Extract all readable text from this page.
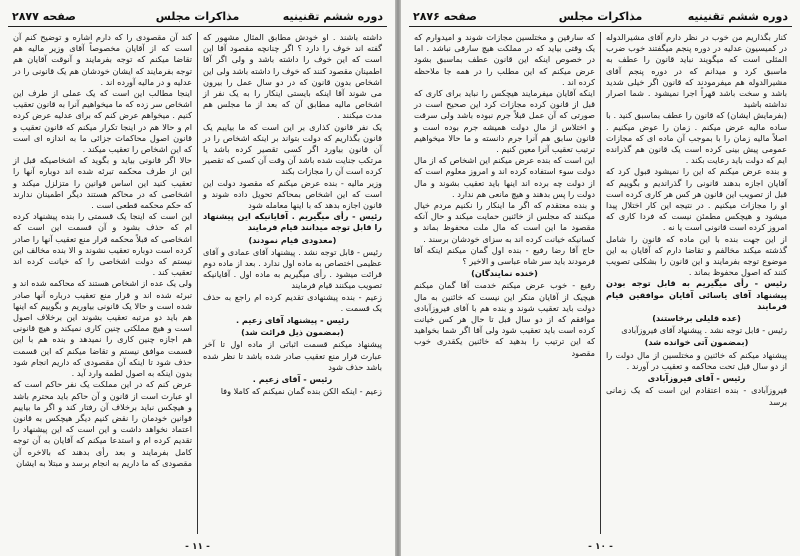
دوره ششم تقنینیه
مذاکرات مجلس
صفحه ۲۸۷۷

داشته باشند . او خودش مطابق المثال مشهور که گفته اند خوف را دارد ؟ اگر چنانچه مقصود آقا این است که این خوف را داشته باشد و ولی اگر آقا اطمینان مقصود کنند که خوف را داشته باشد ولی این اشخاص بدون قانون که در دو سال عمل را بیرون می شوند آقا اینکه بایستی اینکار را به یک نفر از اشخاص مالیه مطابق آن که بعد از ما مجلس هم مدت میکنند .

یک نفر قانون کذاری بر این است که ما بیاییم یک قانون بگذاریم که دولت بتواند بر اینکه اشخاص را در آن قانون بیاورد اگر کسی تقصیر کرده باشد یا مرتکب جنایت شده باشد آن وقت آن کسی که تقصیر کرده است آن را مجازات بکند

وزیر مالیه - بنده عرض میکنم که مقصود دولت این است که این اشخاص بمحاکم تحویل داده شوند و قانون اجازه بدهد که با اینها معامله شود

رئیس - رأی میگیریم . آقایانیکه این پیشنهاد را قابل توجه میدانند قیام فرمایند

(معدودی قیام نمودند)

رئیس - قابل توجه نشد . پیشنهاد آقای عمادی و آقای عظیمی اختصاص به ماده اول ندارد . بعد از ماده دوم قرائت میشود . رأی میگیریم به ماده اول . آقایانیکه تصویب میکنند قیام فرمایند

زعیم - بنده پیشنهادی تقدیم کرده ام راجع به حذف یک قسمت .

رئیس - پیشنهاد آقای زعیم .
(بمضمون ذیل قرائت شد)

پیشنهاد میکنم قسمت اثباتی از ماده اول تا آخر عبارت قرار منع تعقیب صادر شده باشد تا نظر شده باشد حذف شود

رئیس - آقای زعیم .

زعیم - اینکه الکن بنده گمان نمیکنم که کاملا وفا

کند آن مقصودی را که دارم اشاره و توضیح کنم آن است که از آقایان مخصوصاً آقای وزیر مالیه هم تقاضا میکنم که توجه بفرمایند و آنوقت آقایان هم توجه بفرمایند که ایشان خودشان هم یک قانونی را در عدلیه و در مالیه آورده اند .

اینجا مطالب این است که یک عملی از طرف این اشخاص سر زده که ما میخواهیم آنرا به قانون تعقیب کنیم . میخواهم عرض کنم که برای عدلیه عرض کرده ام و حالا هم در اینجا تکرار میکنم که قانون تعقیب و قانون اصول محاکمات جزائی ما به اندازه ای است که این اشخاص را تعقیب میکند .

حالا اگر قانونی بیاید و بگوید که اشخاصیکه قبل از این از طرف محکمه تبرئه شده اند دوباره آنها را تعقیب کنید این اساس قوانین را متزلزل میکند و اشخاصی که در محاکم هستند دیگر اطمینان ندارند که حکم محکمه قطعی است .

این است که اینجا یک قسمتی را بنده پیشنهاد کرده ام که حذف بشود و آن قسمت این است که اشخاصی که قبلاً محکمه قرار منع تعقیب آنها را صادر کرده است دوباره تعقیب نشوند و الا بنده مخالف این نیستم که دولت اشخاصی را که خیانت کرده اند تعقیب کند .

ولی یک عده از اشخاص هستند که محاکمه شده اند و تبرئه شده اند و قرار منع تعقیب درباره آنها صادر شده است و حالا یک قانونی بیاوریم و بگوییم که اینها هم باید دو مرتبه تعقیب بشوند این برخلاف اصول است و هیچ مملکتی چنین کاری نمیکند و هیچ قانونی هم اجازه چنین کاری را نمیدهد و بنده هم با این قسمت موافق نیستم و تقاضا میکنم که این قسمت حذف شود تا اینکه آن مقصودی که داریم انجام شود بدون اینکه به اصول لطمه وارد آید .

عرض کنم که در این مملکت یک نفر حاکم است که او عبارت است از قانون و آن حاکم باید محترم باشد و هیچکس نباید برخلاف آن رفتار کند و اگر ما بیاییم قوانین خودمان را نقض کنیم دیگر هیچکس به قانون اعتماد نخواهد داشت و این است که این پیشنهاد را تقدیم کرده ام و استدعا میکنم که آقایان به آن توجه کامل بفرمایند و بعد رأی بدهند که بالاخره آن مقصودی که ما داریم به انجام برسد و مبتلا به ایشان

- ۱۱ -
دوره ششم تقنینیه
مذاکرات مجلس
صفحه ۲۸۷۶

کنار بگذاریم من خوب در نظر دارم آقای مشیرالدوله در کمیسیون عدلیه در دوره پنجم میگفتند خوب ضرب المثلی است که میگویند نباید قانون را عطف به ماسبق کرد و میدانم که در دوره پنجم آقای مشیرالدوله هم میفرمودند که قانون اگر خیلی شدید باشد و سخت باشد قهراً اجرا نمیشود . شما اصرار نداشته باشید

(بفرمایش ایشان) که قانون را عطف بماسبق کنید . با ساده مالیه عرض میکنم . زمان را عوض میکنیم . اصلاً مالیه زمان را با بموجب آن ماده ای که مجازات عمومی پیش بینی کرده است یک قانون هم گذرانده ایم که دولت باید رعایت بکند .

و بنده عرض میکنم که این را نمیشود قبول کرد که آقایان اجازه بدهند قانونی را گذراندیم و بگوییم که قبل از تصویب این قانون هر کس هر کاری کرده است او را مجازات میکنیم . در نتیجه این کار اختلال پیدا میشود و هیچکس مطمئن نیست که فردا کاری که امروز کرده است قانونی است یا نه .

از این جهت بنده با این ماده که قانون را شامل گذشته میکند مخالفم و تقاضا دارم که آقایان به این موضوع توجه بفرمایند و این قانون را بشکلی تصویب کنند که اصول محفوظ بماند .

رئیس - رأی میگیریم به قابل توجه بودن پیشنهاد آقای یاسائی آقایان موافقین قیام فرمایند

(عده قلیلی برخاستند)

رئیس - قابل توجه نشد . پیشنهاد آقای فیروزآبادی

(بمضمون آتی خوانده شد)

پیشنهاد میکنم که خائنین و مختلسین از مال دولت را از دو سال قبل تحت محاکمه و تعقیب در آورند .

رئیس - آقای فیروزآبادی

فیروزآبادی - بنده اعتقادم این است که یک زمانی برسد

که سارقین و مختلسین مجازات شوند و امیدوارم که یک وقتی بیاید که در مملکت هیچ سارقی نباشد . اما در خصوص اینکه این قانون عطف بماسبق بشود عرض میکنم که این مطلب را در همه جا ملاحظه کرده اند .

اینکه آقایان میفرمایند هیچکس را نباید برای کاری که قبل از قانون کرده مجازات کرد این صحیح است در صورتی که آن عمل قبلاً جرم نبوده باشد ولی سرقت و اختلاس از مال دولت همیشه جرم بوده است و قانون سابق هم آنرا جرم دانسته و ما حالا میخواهیم ترتیب تعقیب آنرا معین کنیم .

این است که بنده عرض میکنم این اشخاص که از مال دولت سوء استفاده کرده اند و امروز معلوم است که از دولت چه برده اند اینها باید تعقیب بشوند و مال دولت را پس بدهند و هیچ مانعی هم ندارد .

و بنده معتقدم که اگر ما اینکار را نکنیم مردم خیال میکنند که مجلس از خائنین حمایت میکند و حال آنکه مقصود ما این است که مال ملت محفوظ بماند و کسانیکه خیانت کرده اند به سزای خودشان برسند .

حاج آقا رضا رفیع - بنده اول گمان میکنم اینکه آقا فرمودند باید سر شاه عباسی و الاخیر ؟

(خنده نمایندگان)

رفیع - خوب عرض میکنم خدمت آقا گمان میکنم هیچیک از آقایان منکر این نیست که خائنین به مال دولت باید تعقیب شوند و بنده هم با آقای فیروزآبادی موافقم که از دو سال قبل تا حال هر کس خیانت کرده است باید تعقیب شود ولی آقا اگر شما بخواهید که این ترتیب را بدهید که خائنین یکقدری خوب مقصود

- ۱۰ -
